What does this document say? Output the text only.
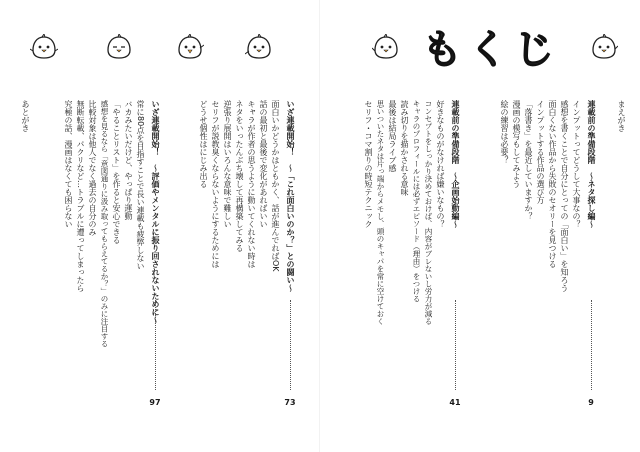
いざ連載開始！　～「これ面白いのか？」との闘い～
面白いかどうかはともかく、話が進んでればOK
話の最初と最後で変化があればいい
キャラが作者の思うように動いてくれない時は
ネタをいったんぶち壊して再構築してみる
逆張り展開はいろんな意味で難しい
セリフが説教臭くならないようにするためには
どうせ個性はにじみ出る
73
いざ連載開始！　～評価やメンタルに振り回されないために～
常に80点を目指すことで長い連載も疲弊しない
バカみたいだけど、やっぱり運動
「やることリスト」を作ると安心できる
感想を見るなら「意図通りに汲み取ってもらえてるか？」のみに注目する
比較対象は他人でなく過去の自分のみ
無断転載、パクリなど…トラブルに遭ってしまったら
究極の話、漫画はなくても困らない
97
あとがき
もくじ
まえがき
連載前の準備段階　～ネタ探し編～
インプットってどうして大事なの？
感想を書くことで自分にとっての「面白い」を知ろう
面白くない作品から失敗のセオリーを見つける
インプットする作品の選び方
「落書き」を最近していますか？
漫画の模写もしてみよう
絵の練習は必要？
9
連載前の準備段階　～企画始動編～
好きなものがなければ嫌いなもの？
コンセプトをしっかり決めておけば、内容がブレないし労力が減る
キャラのプロフィールには必ずエピソード（理由）をつける
読み切りを描かされる意味
最後は結局ライブ感
思いついたネタは片っ端からメモし、頭のキャパを常に空けておく
セリフ・コマ割りの時短テクニック
41
